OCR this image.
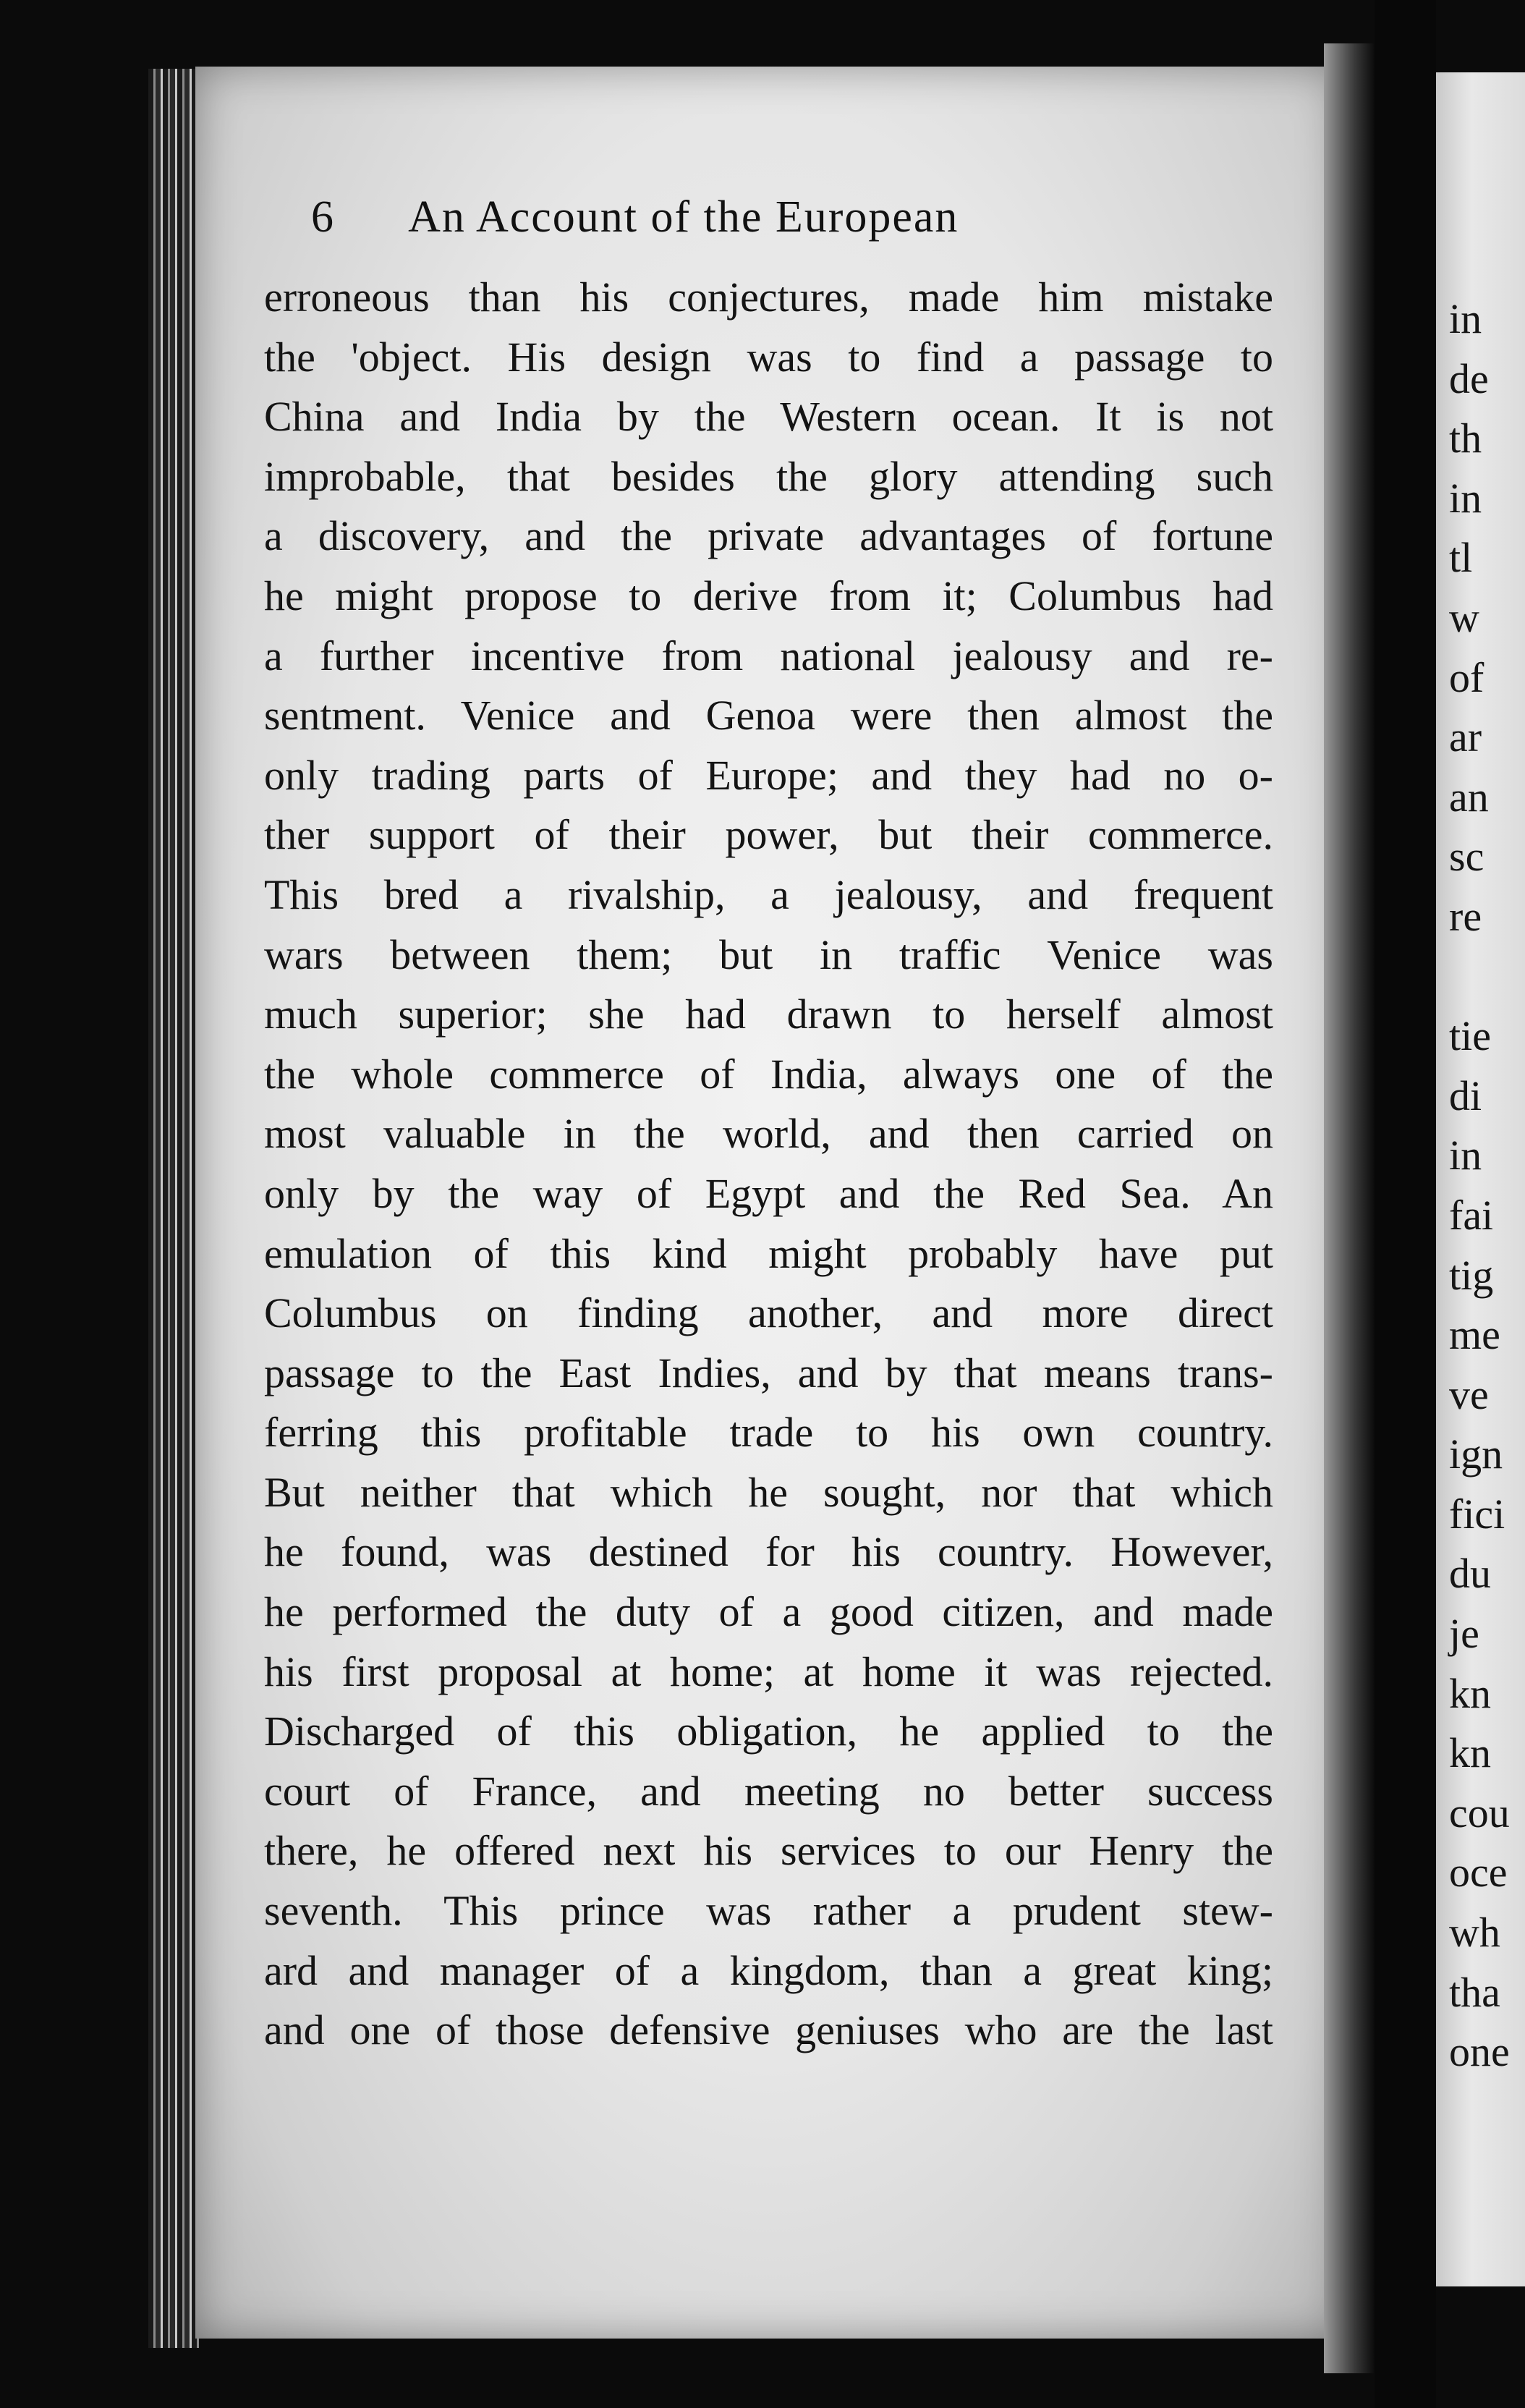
6 An Account of the European
erroneous than his conjectures, made him mistake
the 'object. His design was to find a passage to
China and India by the Western ocean. It is not
improbable, that besides the glory attending such
a discovery, and the private advantages of fortune
he might propose to derive from it; Columbus had
a further incentive from national jealousy and re-
sentment. Venice and Genoa were then almost the
only trading parts of Europe; and they had no o-
ther support of their power, but their commerce.
This bred a rivalship, a jealousy, and frequent
wars between them; but in traffic Venice was
much superior; she had drawn to herself almost
the whole commerce of India, always one of the
most valuable in the world, and then carried on
only by the way of Egypt and the Red Sea. An
emulation of this kind might probably have put
Columbus on finding another, and more direct
passage to the East Indies, and by that means trans-
ferring this profitable trade to his own country.
But neither that which he sought, nor that which
he found, was destined for his country. However,
he performed the duty of a good citizen, and made
his first proposal at home; at home it was rejected.
Discharged of this obligation, he applied to the
court of France, and meeting no better success
there, he offered next his services to our Henry the
seventh. This prince was rather a prudent stew-
ard and manager of a kingdom, than a great king;
and one of those defensive geniuses who are the last
in
de
th
in
tl
w
of
ar
an
sc
re
tie
di
in
fai
tig
me
ve
ign
fici
du
je
kn
kn
cou
oce
wh
tha
one
